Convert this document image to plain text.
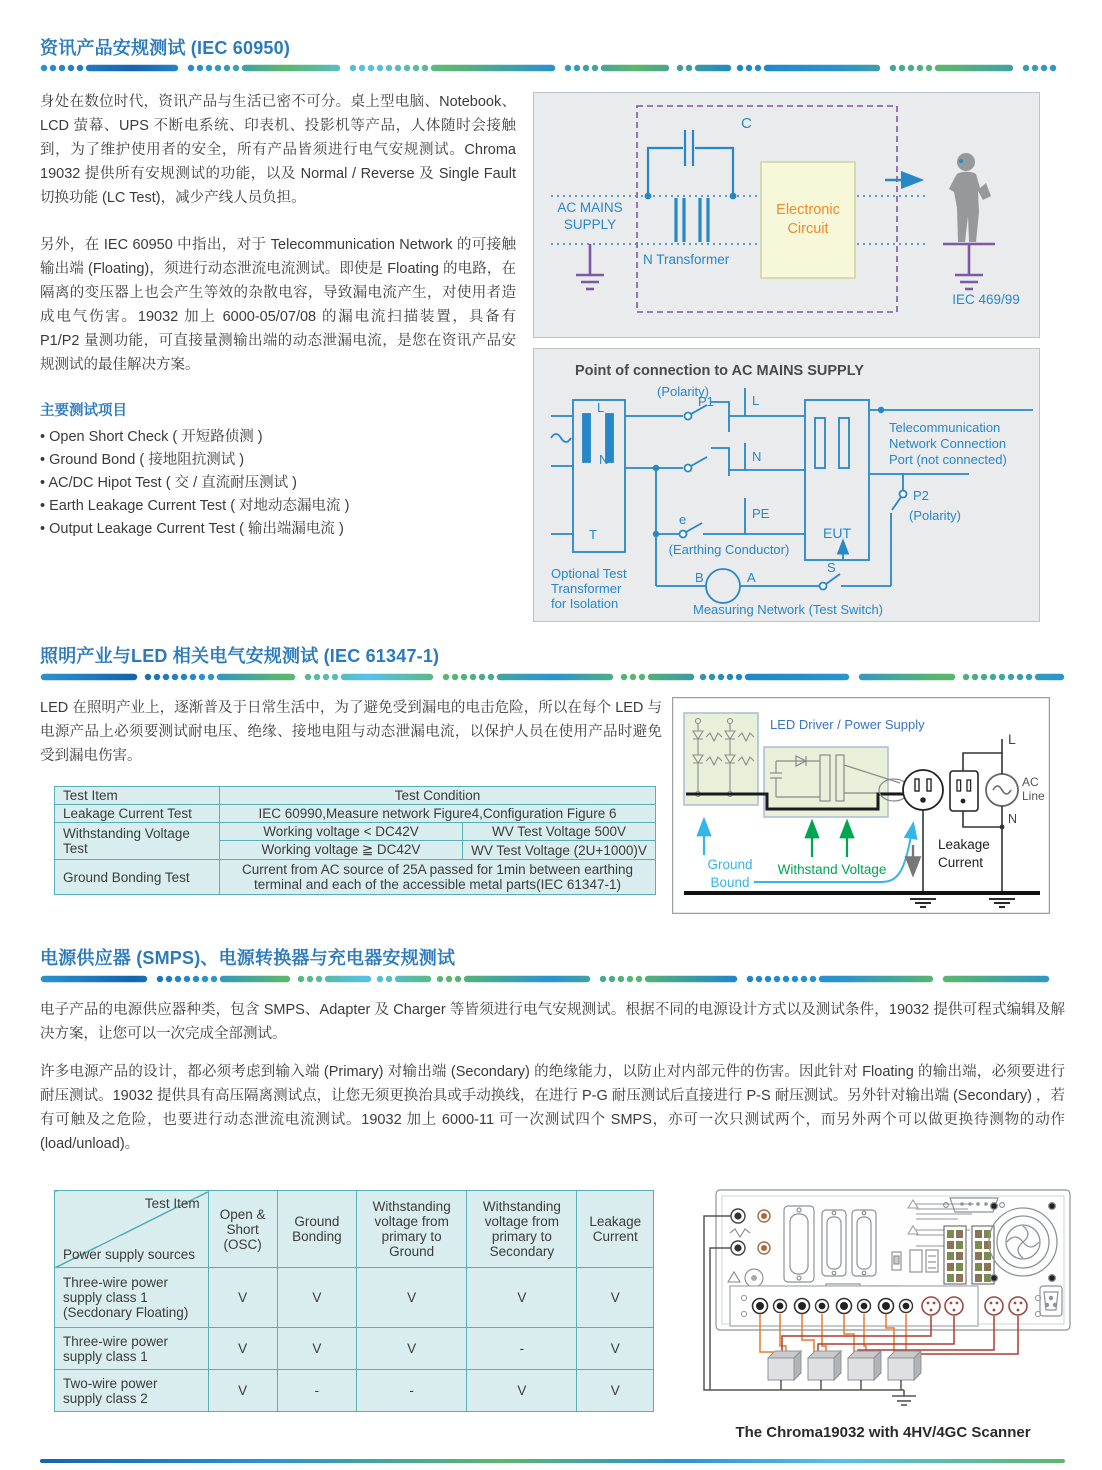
资讯产品安规测试 (IEC 60950)

身处在数位时代，资讯产品与生活已密不可分。桌上型电脑、Notebook、LCD 萤幕、UPS 不断电系统、印表机、投影机等产品，人体随时会接触到，为了维护使用者的安全，所有产品皆须进行电气安规测试。Chroma 19032 提供所有安规测试的功能，以及 Normal / Reverse 及 Single Fault 切换功能 (LC Test)，减少产线人员负担。

另外，在 IEC 60950 中指出，对于 Telecommunication Network 的可接触输出端 (Floating)，须进行动态泄流电流测试。即使是 Floating 的电路，在隔离的变压器上也会产生等效的杂散电容，导致漏电流产生，对使用者造成电气伤害。19032 加上 6000-05/07/08 的漏电流扫描装置，具备有 P1/P2 量测功能，可直接量测输出端的动态泄漏电流，是您在资讯产品安规测试的最佳解决方案。

主要测试项目
• Open Short Check ( 开短路侦测 )
• Ground Bond ( 接地阻抗测试 )
• AC/DC Hipot Test ( 交 / 直流耐压测试 )
• Earth Leakage Current Test ( 对地动态漏电流 )
• Output Leakage Current Test ( 输出端漏电流 )
C
AC MAINS
SUPPLY
N Transformer
Electronic
Circuit
IEC 469/99
Point of connection to AC MAINS SUPPLY
(Polarity)
L
N
T
P1	L
N
PE
e
(Earthing Conductor)
EUT
Telecommunication
Network Connection
Port (not connected)
P2
(Polarity)
S
B	A
Measuring Network (Test Switch)
Optional Test
Transformer
for Isolation
照明产业与LED 相关电气安规测试 (IEC 61347-1)

LED 在照明产业上，逐渐普及于日常生活中，为了避免受到漏电的电击危险，所以在每个 LED 与电源产品上必须要测试耐电压、绝缘、接地电阻与动态泄漏电流，以保护人员在使用产品时避免受到漏电伤害。

Test Item	Test Condition	
Leakage Current Test	IEC 60990,Measure network Figure4,Configuration Figure 6	
Withstanding Voltage Test	Working voltage < DC42V	WV Test Voltage 500V
	Working voltage ≧ DC42V	WV Test Voltage (2U+1000)V
Ground Bonding Test	Current from AC source of 25A passed for 1min between earthing terminal and each of the accessible metal parts(IEC 61347-1)	
LED Driver / Power Supply
L
N
AC
Line
Ground
Bound
Withstand Voltage
Leakage
Current
电源供应器 (SMPS)、电源转换器与充电器安规测试

电子产品的电源供应器种类，包含 SMPS、Adapter 及 Charger 等皆须进行电气安规测试。根据不同的电源设计方式以及测试条件，19032 提供可程式编辑及解决方案，让您可以一次完成全部测试。

许多电源产品的设计，都必须考虑到输入端 (Primary) 对输出端 (Secondary) 的绝缘能力，以防止对内部元件的伤害。因此针对 Floating 的输出端，必须要进行耐压测试。19032 提供具有高压隔离测试点，让您无须更换治具或手动换线，在进行 P-G 耐压测试后直接进行 P-S 耐压测试。另外针对输出端 (Secondary) ，若有可触及之危险，也要进行动态泄流电流测试。19032 加上 6000-11 可一次测试四个 SMPS，亦可一次只测试两个，而另外两个可以做更换待测物的动作 (load/unload)。

Test Item
Power supply sources	Open & Short (OSC)	Ground Bonding	Withstanding voltage from primary to Ground	Withstanding voltage from primary to Secondary	Leakage Current
Three-wire power supply class 1 (Secdonary Floating)	V	V	V	V	V
Three-wire power supply class 1	V	V	V	-	V
Two-wire power supply class 2	V	-	-	V	V
The Chroma19032 with 4HV/4GC Scanner
